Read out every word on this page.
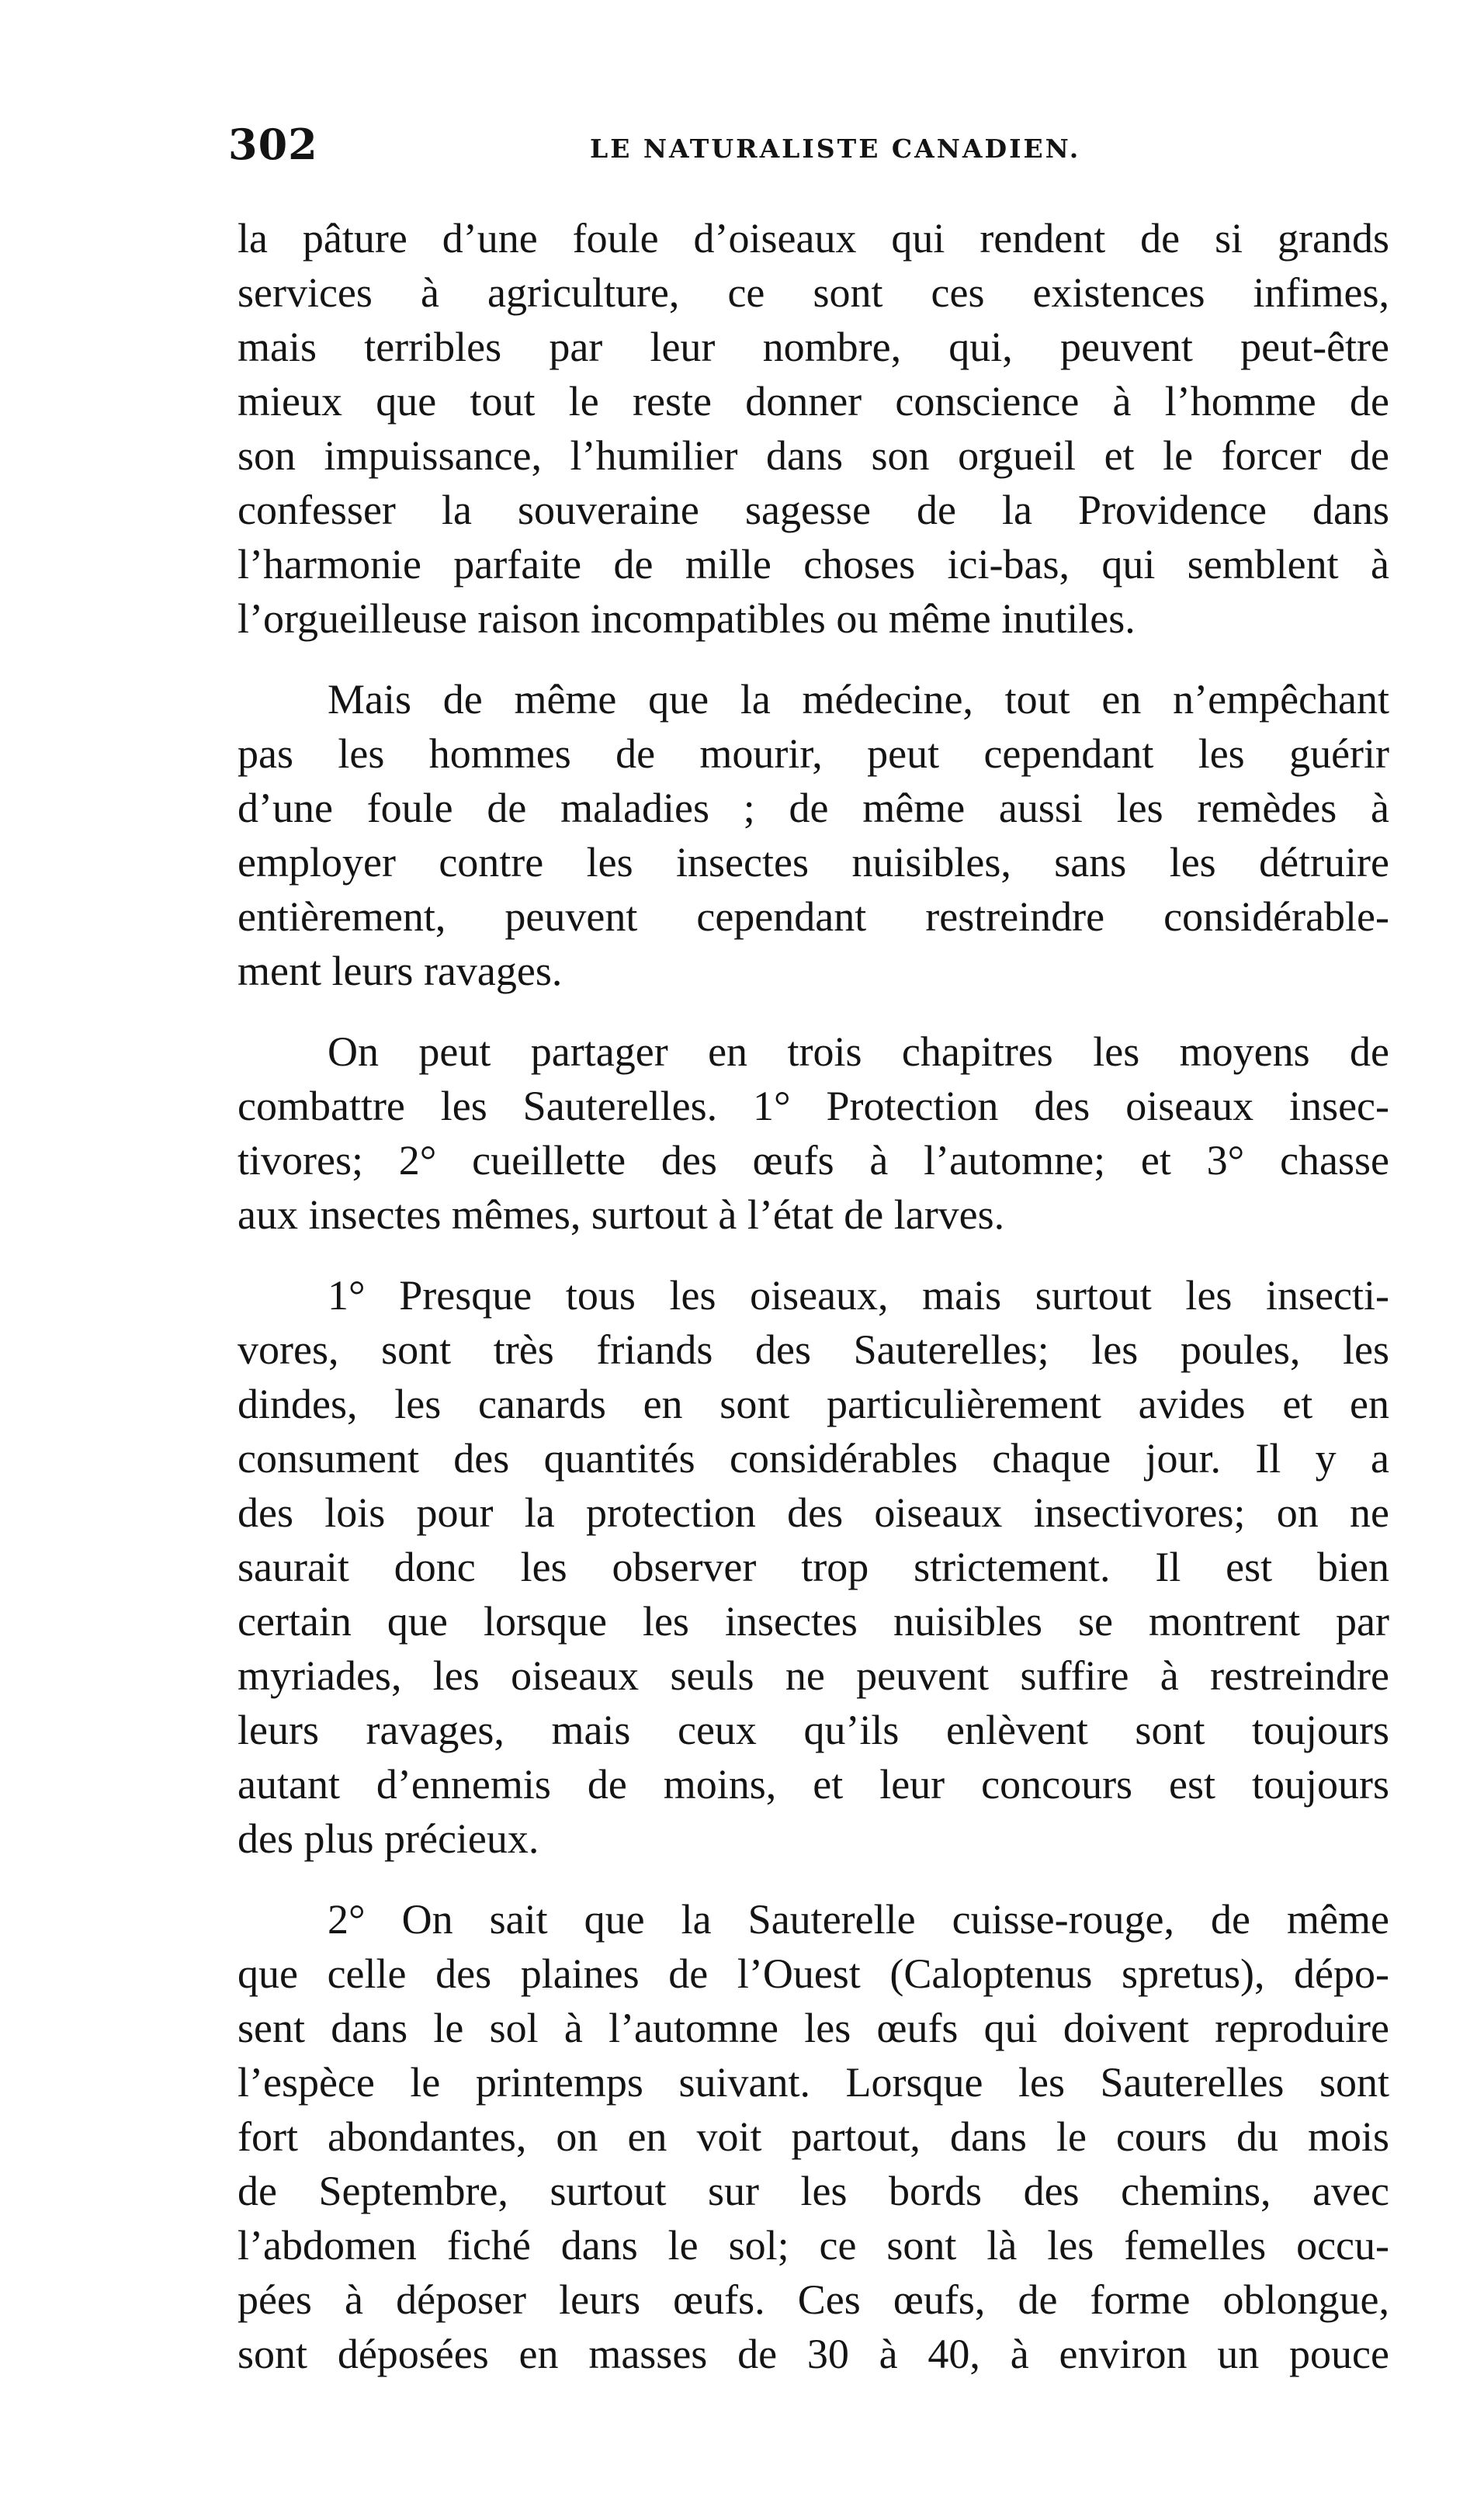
302	LE NATURALISTE CANADIEN.
la pâture d’une foule d’oiseaux qui rendent de si grands
services à agriculture, ce sont ces existences infimes,
mais terribles par leur nombre, qui, peuvent peut-être
mieux que tout le reste donner conscience à l’homme de
son impuissance, l’humilier dans son orgueil et le forcer de
confesser la souveraine sagesse de la Providence dans
l’harmonie parfaite de mille choses ici-bas, qui semblent à
l’orgueilleuse raison incompatibles ou même inutiles.
Mais de même que la médecine, tout en n’empêchant
pas les hommes de mourir, peut cependant les guérir
d’une foule de maladies ; de même aussi les remèdes à
employer contre les insectes nuisibles, sans les détruire
entièrement, peuvent cependant restreindre considérable-
ment leurs ravages.
On peut partager en trois chapitres les moyens de
combattre les Sauterelles. 1° Protection des oiseaux insec-
tivores; 2° cueillette des œufs à l’automne; et 3° chasse
aux insectes mêmes, surtout à l’état de larves.
1° Presque tous les oiseaux, mais surtout les insecti-
vores, sont très friands des Sauterelles; les poules, les
dindes, les canards en sont particulièrement avides et en
consument des quantités considérables chaque jour. Il y a
des lois pour la protection des oiseaux insectivores; on ne
saurait donc les observer trop strictement. Il est bien
certain que lorsque les insectes nuisibles se montrent par
myriades, les oiseaux seuls ne peuvent suffire à restreindre
leurs ravages, mais ceux qu’ils enlèvent sont toujours
autant d’ennemis de moins, et leur concours est toujours
des plus précieux.
2° On sait que la Sauterelle cuisse-rouge, de même
que celle des plaines de l’Ouest (Caloptenus spretus), dépo-
sent dans le sol à l’automne les œufs qui doivent reproduire
l’espèce le printemps suivant. Lorsque les Sauterelles sont
fort abondantes, on en voit partout, dans le cours du mois
de Septembre, surtout sur les bords des chemins, avec
l’abdomen fiché dans le sol; ce sont là les femelles occu-
pées à déposer leurs œufs. Ces œufs, de forme oblongue,
sont déposées en masses de 30 à 40, à environ un pouce
